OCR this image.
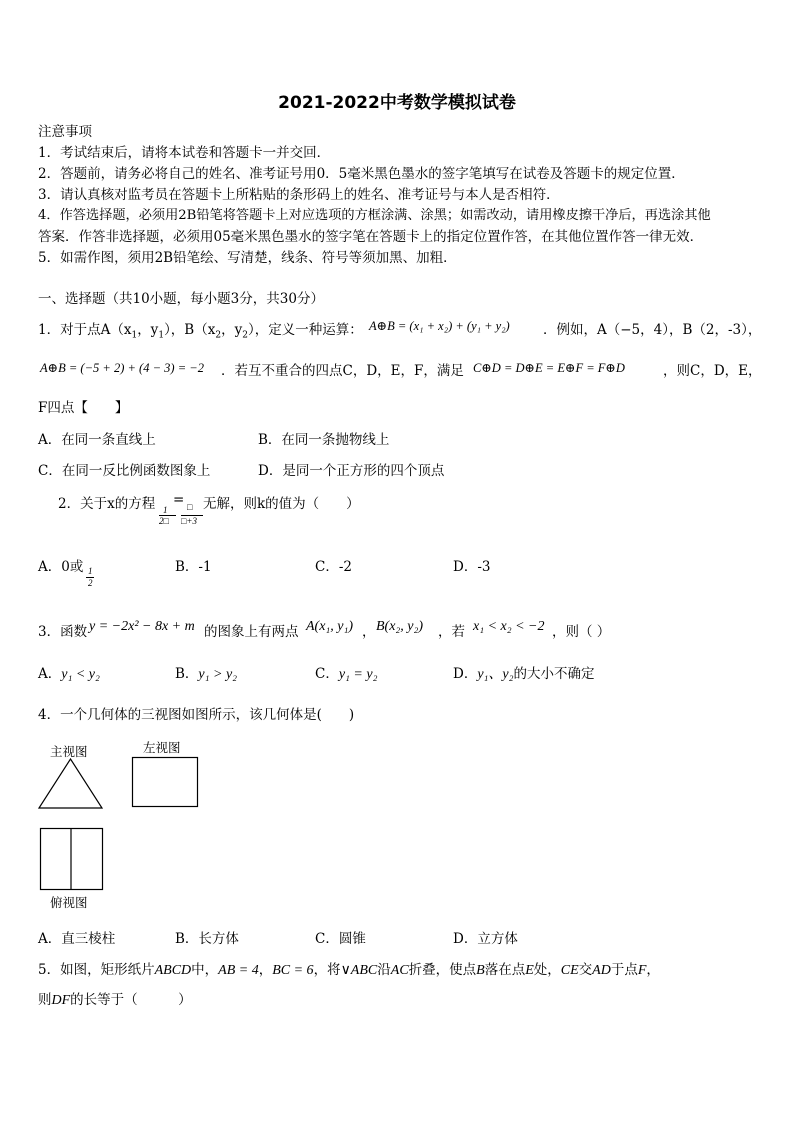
2021-2022中考数学模拟试卷
注意事项
1．考试结束后，请将本试卷和答题卡一并交回．
2．答题前，请务必将自己的姓名、准考证号用0．5毫米黑色墨水的签字笔填写在试卷及答题卡的规定位置．
3．请认真核对监考员在答题卡上所粘贴的条形码上的姓名、准考证号与本人是否相符．
4．作答选择题，必须用2B铅笔将答题卡上对应选项的方框涂满、涂黑；如需改动，请用橡皮擦干净后，再选涂其他
答案．作答非选择题，必须用05毫米黑色墨水的签字笔在答题卡上的指定位置作答，在其他位置作答一律无效．
5．如需作图，须用2B铅笔绘、写清楚，线条、符号等须加黑、加粗．
一、选择题（共10小题，每小题3分，共30分）
1．对于点$A(x_1$，$y_1$），$B(x_2$，$y_2$），定义一种运算： A⊕B = (x₁ + x₂) + (y₁ + y₂) ．例如，A（−5，4），B（2，-3），
A⊕B = (−5 + 2) + (4 − 3) = −2 ．若互不重合的四点C，D，E，F，满足 C⊕D = D⊕E = E⊕F = F⊕D	，则C，D，E，
F四点【　　】
A．在同一条直线上	B．在同一条抛物线上
C．在同一反比例函数图象上	D．是同一个正方形的四个顶点
2．关于x的方程 1
2□
= □
□+3
无解，则k的值为（　　）
A．0或 1
2
B．-1	C．-2	D．-3
3．函数 y = −2x² − 8x + m 的图象上有两点 A(x₁, y₁) ， B(x₂, y₂) ，若 x₁ < x₂ < −2 ，则（ ）
A．y₁ < y₂	B．y₁ > y₂	C．y₁ = y₂	D．y₁、y₂的大小不确定
4．一个几何体的三视图如图所示，该几何体是(　　)
主视图	左视图
俯视图
A．直三棱柱	B．长方体	C．圆锥	D．立方体
5．如图，矩形纸片ABCD中，AB = 4，BC = 6，将∨ABC沿AC折叠，使点B落在点E处，CE交AD于点F，
则DF的长等于（　　　）
